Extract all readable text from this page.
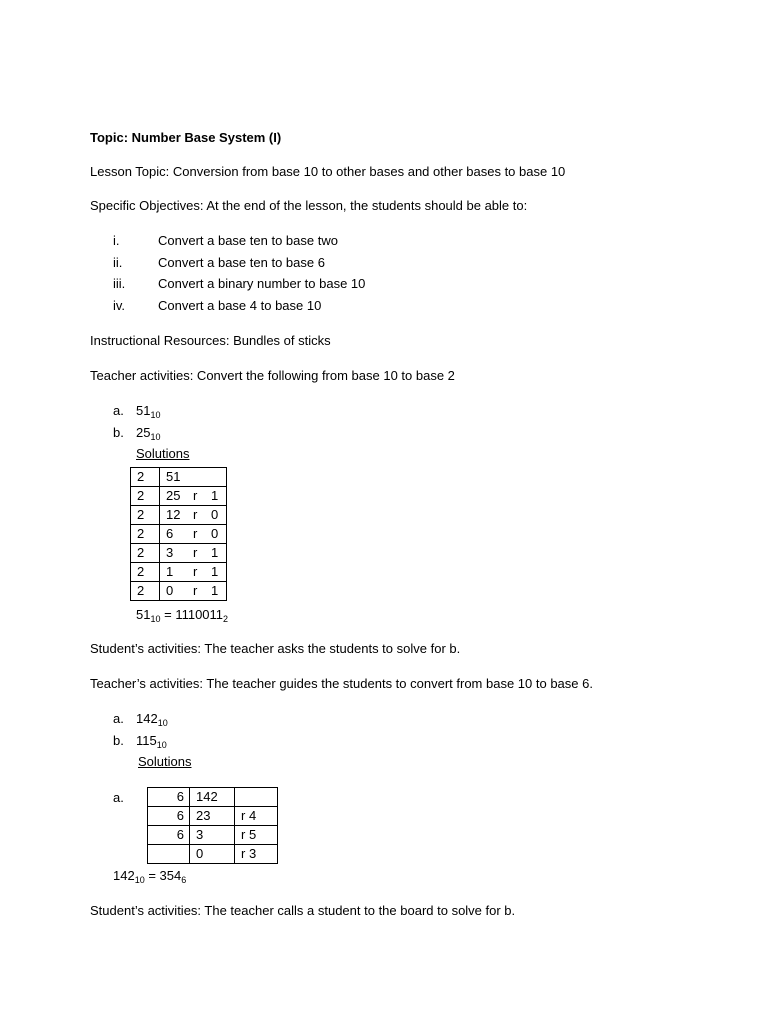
Topic: Number Base System (I)
Lesson Topic: Conversion from base 10 to other bases and other bases to base 10
Specific Objectives: At the end of the lesson, the students should be able to:
i.	Convert a base ten to base two
ii.	Convert a base ten to base 6
iii.	Convert a binary number to base 10
iv.	Convert a base 4 to base 10
Instructional Resources: Bundles of sticks
Teacher activities: Convert the following from base 10 to base 2
a. $51_{10}$
b. $25_{10}$
Solutions
2	51
2	25 r 1
2	12 r 0
2	6 r 0
2	3 r 1
2	1 r 1
2	0 r 1
$51_{10} = 1110011_2$
Student’s activities: The teacher asks the students to solve for b.
Teacher’s activities: The teacher guides the students to convert from base 10 to base 6.
a. $142_{10}$
b. $115_{10}$
Solutions
a.	6	142	
6	23	r 4
6	3	r 5
	0	r 3
$142_{10} = 354_6$
Student’s activities: The teacher calls a student to the board to solve for b.
